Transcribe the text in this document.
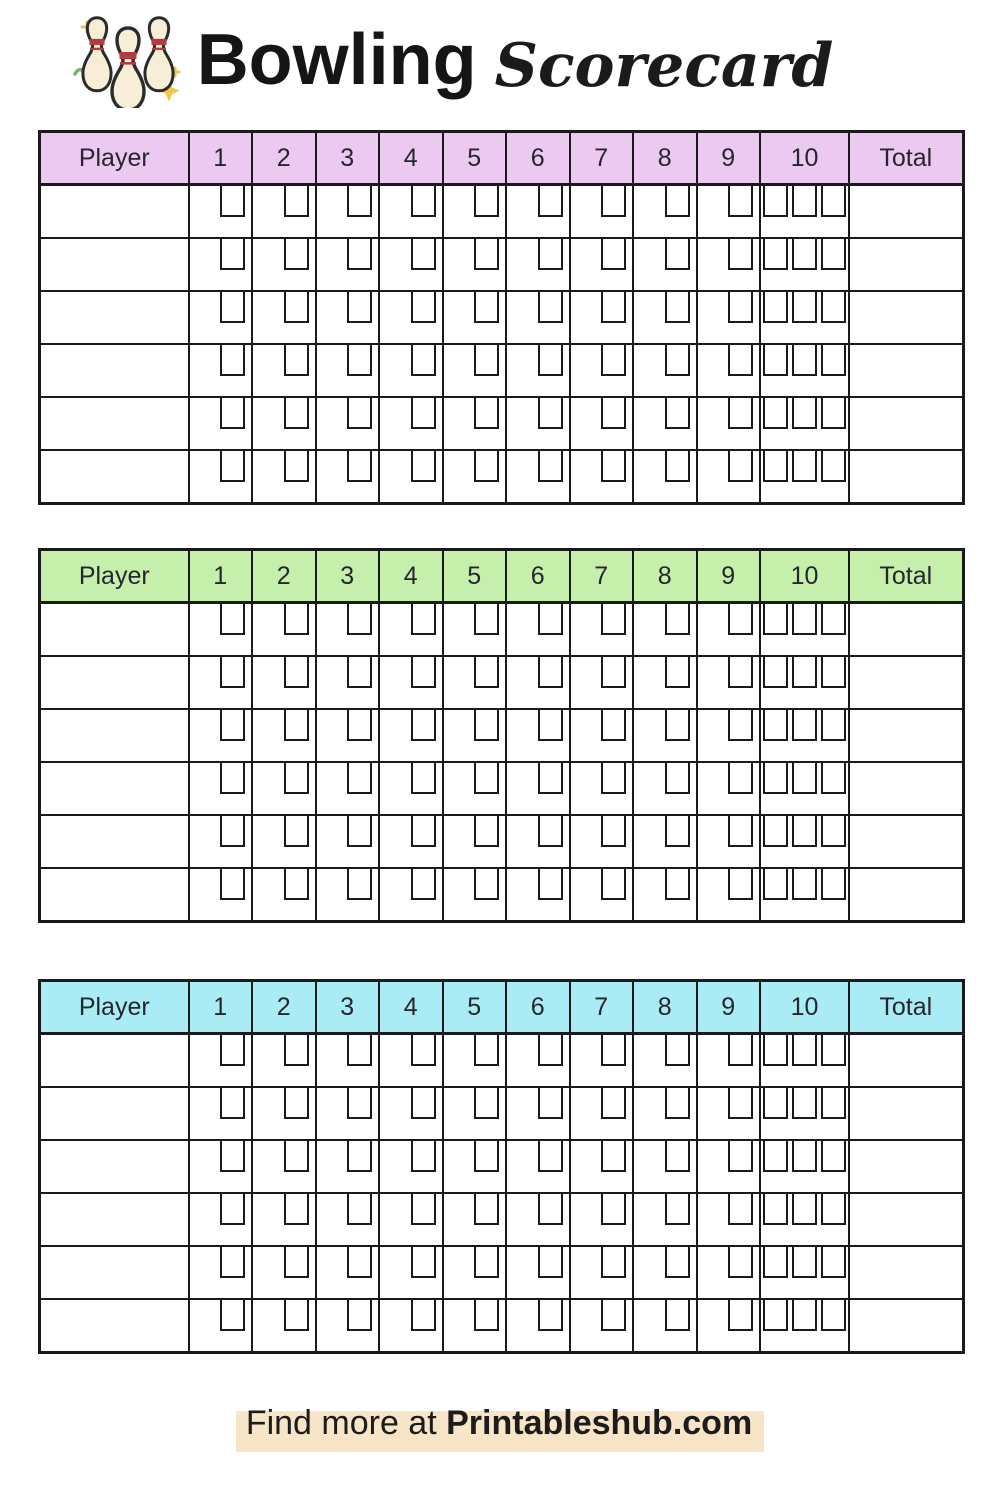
Bowling Scorecard
Player	1	2	3	4	5	6	7	8	9	10	Total

Player	1	2	3	4	5	6	7	8	9	10	Total

Player	1	2	3	4	5	6	7	8	9	10	Total

Find more at Printableshub.com
